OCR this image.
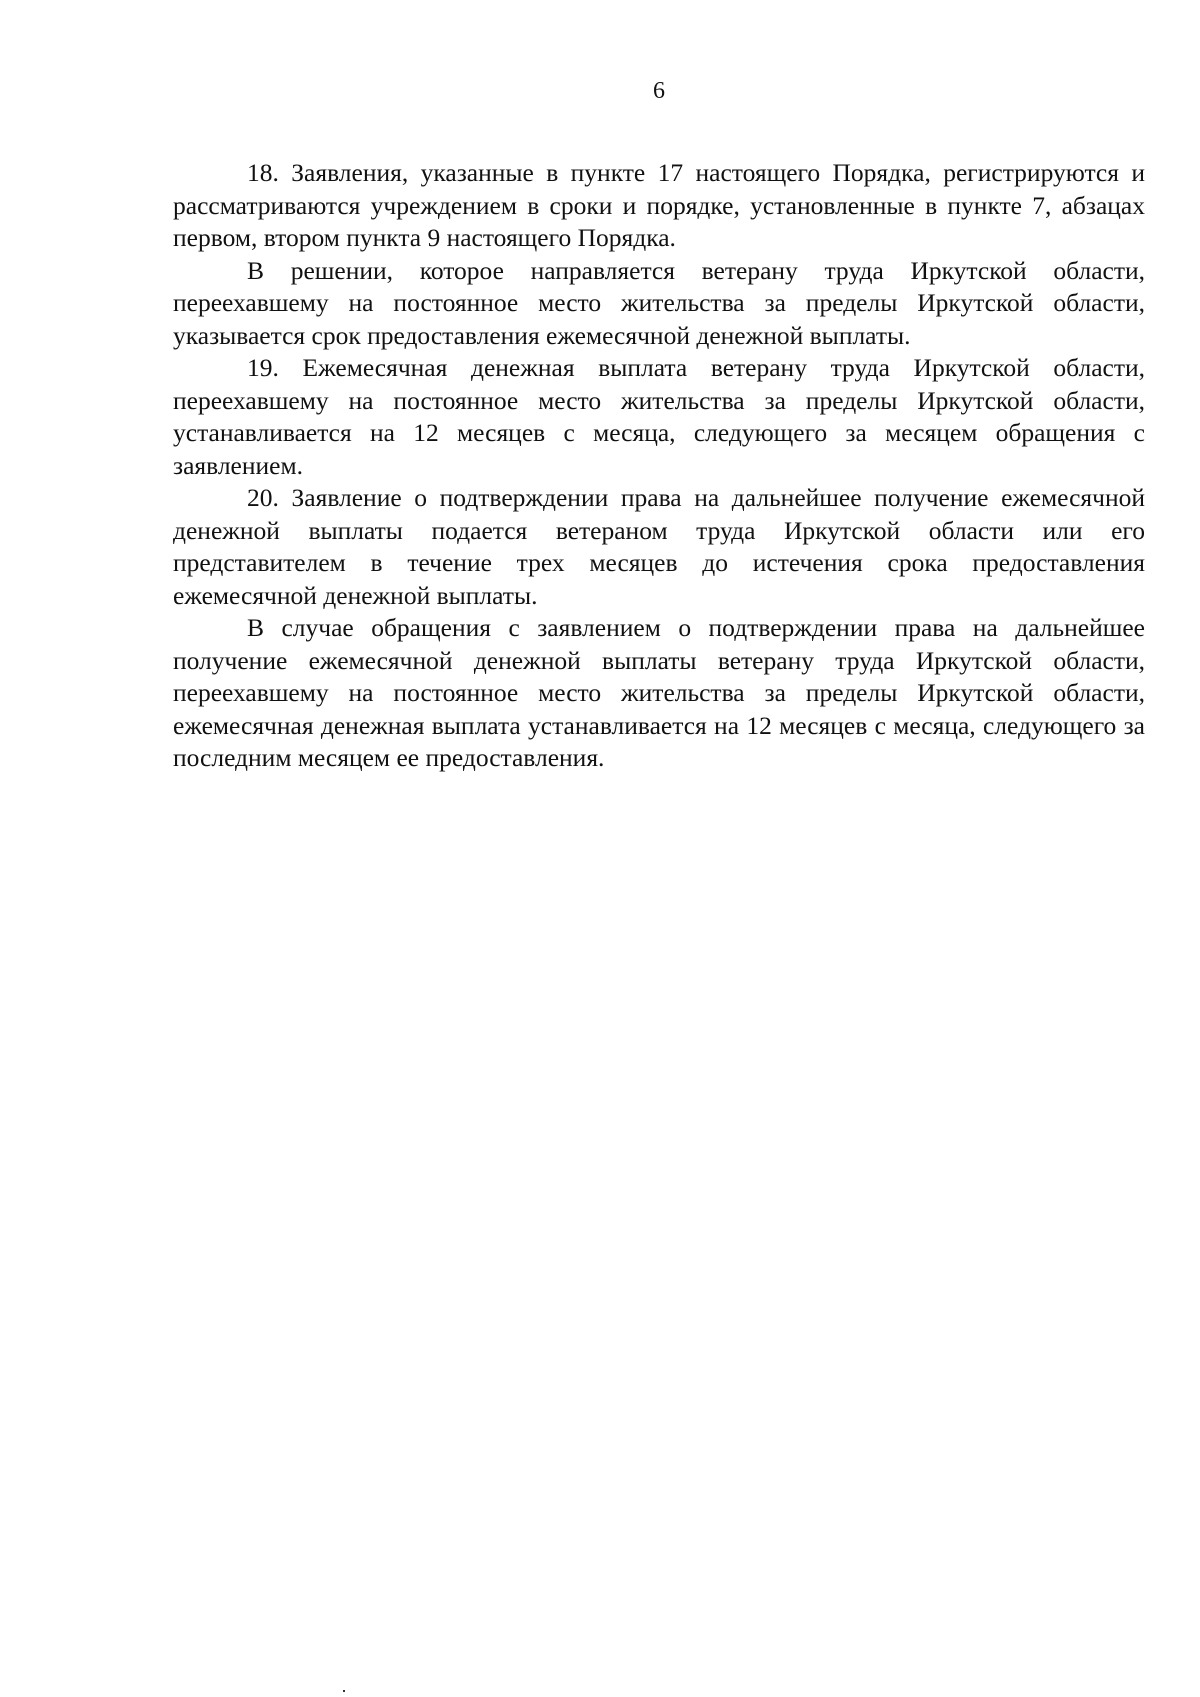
6

18. Заявления, указанные в пункте 17 настоящего Порядка, регистрируются и рассматриваются учреждением в сроки и порядке, установленные в пункте 7, абзацах первом, втором пункта 9 настоящего Порядка.

В решении, которое направляется ветерану труда Иркутской области, переехавшему на постоянное место жительства за пределы Иркутской области, указывается срок предоставления ежемесячной денежной выплаты.

19. Ежемесячная денежная выплата ветерану труда Иркутской области, переехавшему на постоянное место жительства за пределы Иркутской области, устанавливается на 12 месяцев с месяца, следующего за месяцем обращения с заявлением.

20. Заявление о подтверждении права на дальнейшее получение ежемесячной денежной выплаты подается ветераном труда Иркутской области или его представителем в течение трех месяцев до истечения срока предоставления ежемесячной денежной выплаты.

В случае обращения с заявлением о подтверждении права на дальнейшее получение ежемесячной денежной выплаты ветерану труда Иркутской области, переехавшему на постоянное место жительства за пределы Иркутской области, ежемесячная денежная выплата устанавливается на 12 месяцев с месяца, следующего за последним месяцем ее предоставления.
